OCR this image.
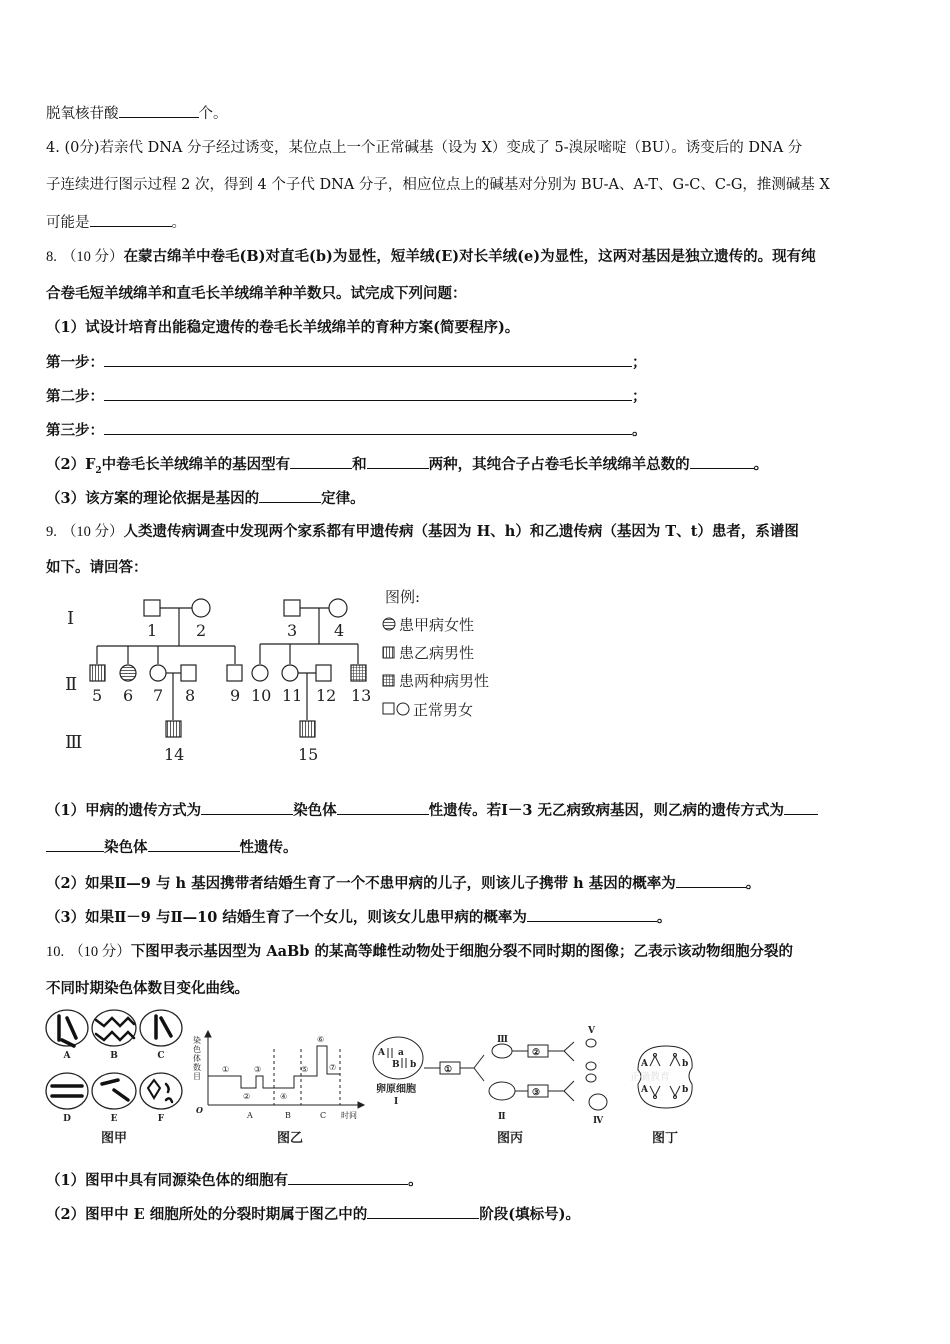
脱氧核苷酸	个。
4. (0分)若亲代 DNA 分子经过诱变，某位点上一个正常碱基（设为 X）变成了 5-溴尿嘧啶（BU）。诱变后的 DNA 分
子连续进行图示过程 2 次，得到 4 个子代 DNA 分子，相应位点上的碱基对分别为 BU-A、A-T、G-C、C-G，推测碱基 X
可能是	。
8. （10 分）在蒙古绵羊中卷毛(B)对直毛(b)为显性，短羊绒(E)对长羊绒(e)为显性，这两对基因是独立遗传的。现有纯
合卷毛短羊绒绵羊和直毛长羊绒绵羊种羊数只。试完成下列问题：
（1）试设计培育出能稳定遗传的卷毛长羊绒绵羊的育种方案(简要程序)。
第一步：	；
第二步：	；
第三步：	。
$(2)F_2$中卷毛长羊绒绵羊的基因型有	和	两种，其纯合子占卷毛长羊绒绵羊总数的	。
（3）该方案的理论依据是基因的	定律。
9. （10 分）人类遗传病调查中发现两个家系都有甲遗传病（基因为 H、h）和乙遗传病（基因为 T、t）患者，系谱图
如下。请回答：
Ⅰ
Ⅱ
Ⅲ
1 2	3 4
5 6 7 8 9 10 11 12 13
14	15
图例:
患甲病女性
患乙病男性
患两种病男性
正常男女
（1）甲病的遗传方式为	染色体	性遗传。若Ⅰ－3 无乙病致病基因，则乙病的遗传方式为
染色体	性遗传。
（2）如果Ⅱ—9 与 h 基因携带者结婚生育了一个不患甲病的儿子，则该儿子携带 h 基因的概率为	。
（3）如果Ⅱ－9 与Ⅱ—10 结婚生育了一个女儿，则该女儿患甲病的概率为	。
10. （10 分）下图甲表示基因型为 AaBb 的某高等雌性动物处于细胞分裂不同时期的图像；乙表示该动物细胞分裂的
不同时期染色体数目变化曲线。
A	B	C
D	E	F
图甲
染
色
体
数
目
O
A	B	C 时间
①
②
③
④
⑤
⑥
⑦
图乙
A a
B b
卵原细胞
Ⅰ
Ⅱ
Ⅲ
Ⅳ
Ⅴ
①
②
③
图丙
A
A
b
b
正确教育
图丁
（1）图甲中具有同源染色体的细胞有	。
（2）图甲中 E 细胞所处的分裂时期属于图乙中的	阶段(填标号)。
